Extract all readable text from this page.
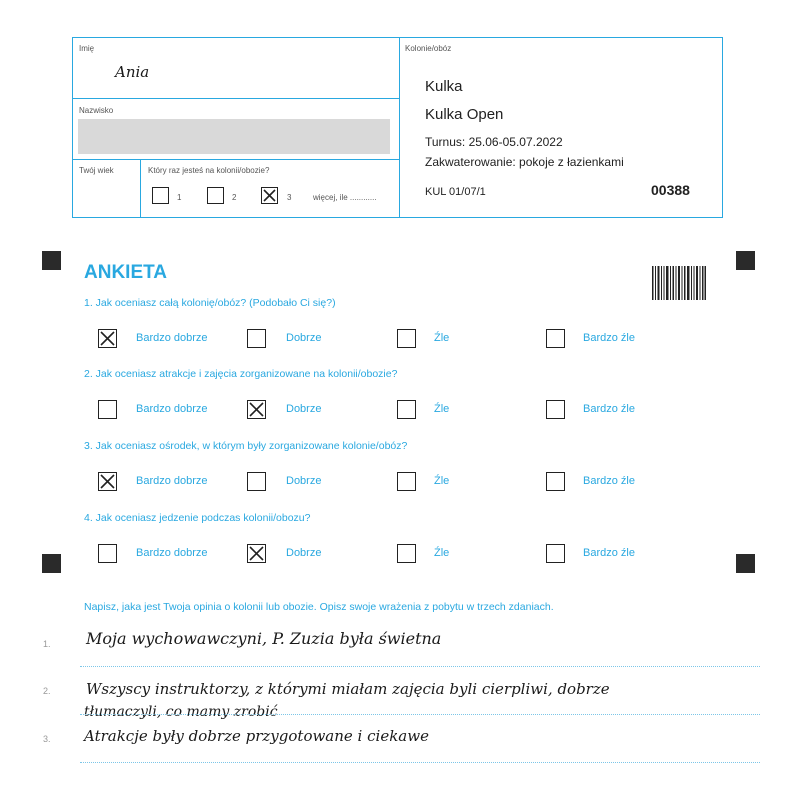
Imię
Ania
Nazwisko
Twój wiek	Który raz jesteś na kolonii/obozie?
1	2	3	więcej, ile ............
Kolonie/obóz
Kulka
Kulka Open
Turnus: 25.06-05.07.2022
Zakwaterowanie: pokoje z łazienkami
KUL 01/07/1	00388
ANKIETA
1. Jak oceniasz całą kolonię/obóz? (Podobało Ci się?)
Bardzo dobrze	Dobrze	Źle	Bardzo źle
2. Jak oceniasz atrakcje i zajęcia zorganizowane na kolonii/obozie?
Bardzo dobrze	Dobrze	Źle	Bardzo źle
3. Jak oceniasz ośrodek, w którym były zorganizowane kolonie/obóz?
Bardzo dobrze	Dobrze	Źle	Bardzo źle
4. Jak oceniasz jedzenie podczas kolonii/obozu?
Bardzo dobrze	Dobrze	Źle	Bardzo źle
Napisz, jaka jest Twoja opinia o kolonii lub obozie. Opisz swoje wrażenia z pobytu w trzech zdaniach.
1. Moja wychowawczyni, P. Zuzia była świetna
2. Wszyscy instruktorzy, z którymi miałam zajęcia byli cierpliwi, dobrze
tłumaczyli, co mamy zrobić
3. Atrakcje były dobrze przygotowane i ciekawe
